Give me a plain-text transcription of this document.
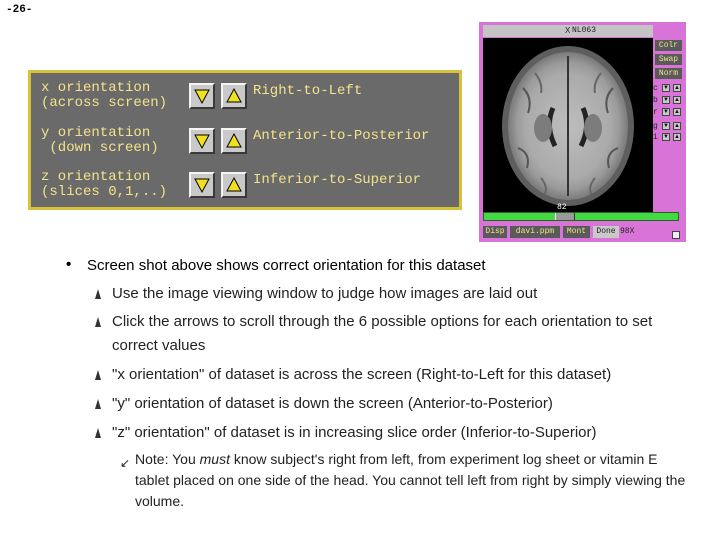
-26-
x orientation
(across screen)
Right-to-Left
y orientation
(down screen)
Anterior-to-Posterior
z orientation
(slices 0,1,..)
Inferior-to-Superior
X NL063
Colr
Swap
Norm
c ▼ ▲
b ▼ ▲
r ▼ ▲
g ▼ ▲
i ▼ ▲
82
Disp	davi.ppm	Mont	Done 98X
• Screen shot above shows correct orientation for this dataset
Use the image viewing window to judge how images are laid out
Click the arrows to scroll through the 6 possible options for each orientation to set correct values
"x orientation" of dataset is across the screen (Right-to-Left for this dataset)
"y" orientation of dataset is down the screen (Anterior-to-Posterior)
"z" orientation" of dataset is in increasing slice order (Inferior-to-Superior)
↙ Note: You must know subject's right from left, from experiment log sheet or vitamin E tablet placed on one side of the head. You cannot tell left from right by simply viewing the volume.
